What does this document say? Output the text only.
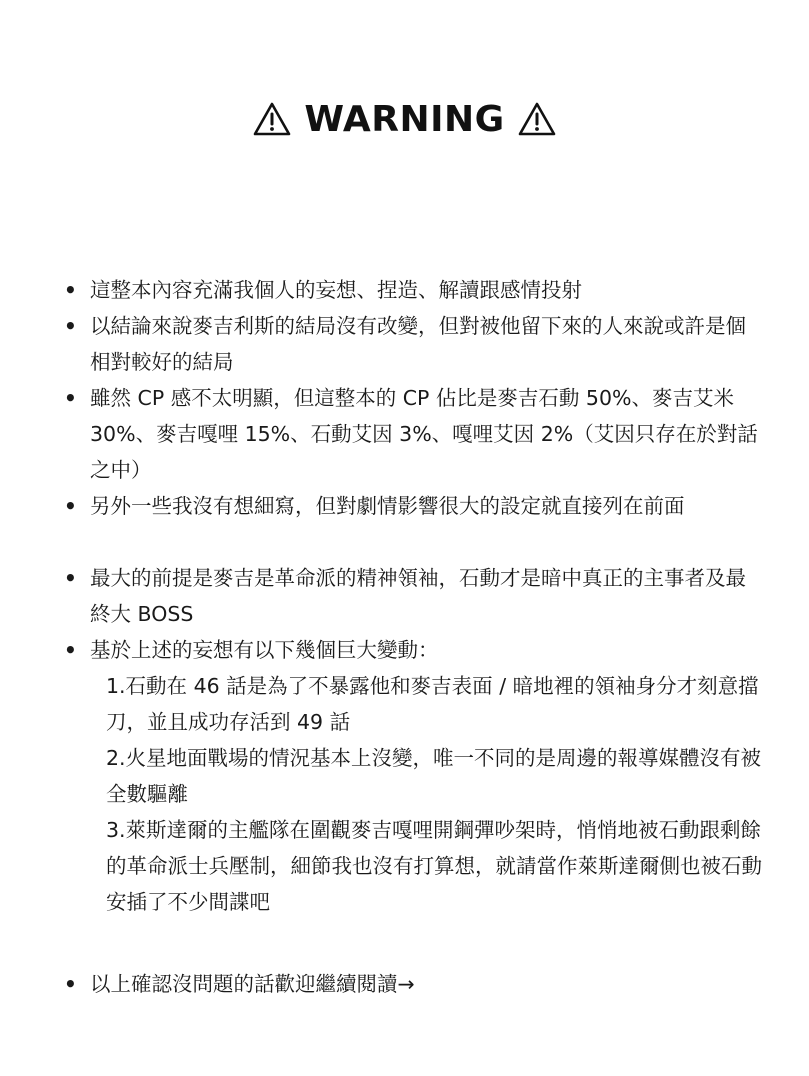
WARNING
• 這整本內容充滿我個人的妄想、捏造、解讀跟感情投射
• 以結論來說麥吉利斯的結局沒有改變，但對被他留下來的人來說或許是個相對較好的結局
• 雖然 CP 感不太明顯，但這整本的 CP 佔比是麥吉石動 50%、麥吉艾米 30%、麥吉嘎哩 15%、石動艾因 3%、嘎哩艾因 2%（艾因只存在於對話之中）
• 另外一些我沒有想細寫，但對劇情影響很大的設定就直接列在前面
• 最大的前提是麥吉是革命派的精神領袖，石動才是暗中真正的主事者及最終大 BOSS
• 基於上述的妄想有以下幾個巨大變動：
1.石動在 46 話是為了不暴露他和麥吉表面 / 暗地裡的領袖身分才刻意擋刀，並且成功存活到 49 話
2.火星地面戰場的情況基本上沒變，唯一不同的是周邊的報導媒體沒有被全數驅離
3.萊斯達爾的主艦隊在圍觀麥吉嘎哩開鋼彈吵架時，悄悄地被石動跟剩餘的革命派士兵壓制，細節我也沒有打算想，就請當作萊斯達爾側也被石動安插了不少間諜吧
• 以上確認沒問題的話歡迎繼續閱讀→
